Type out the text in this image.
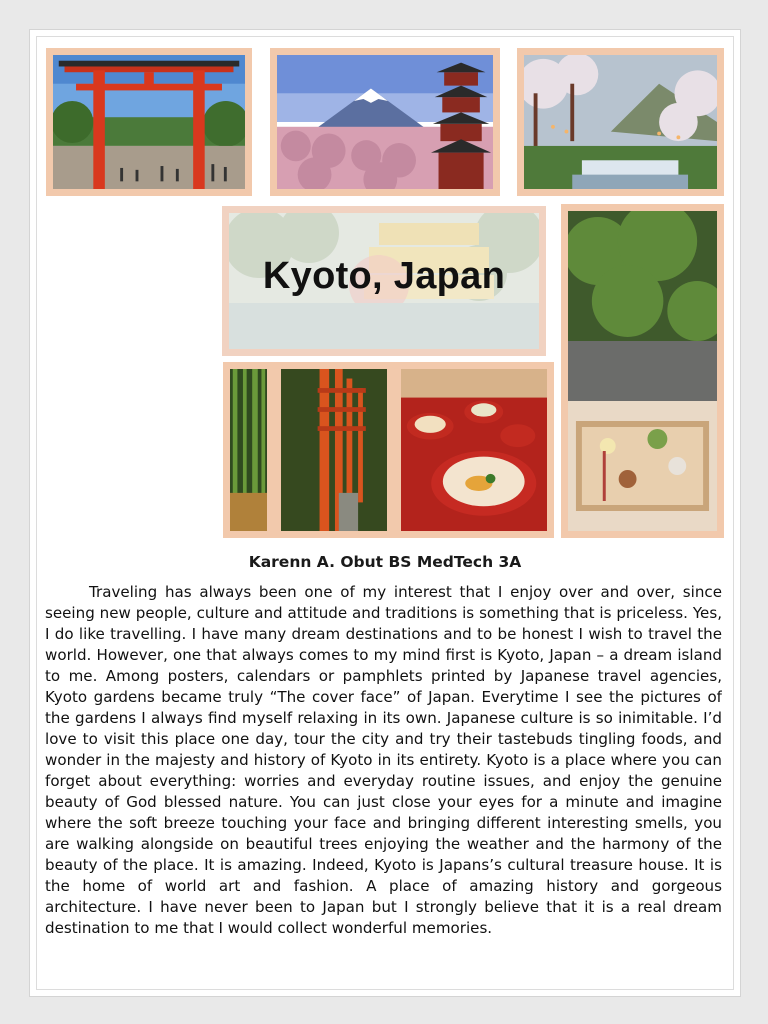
Kyoto, Japan
Karenn A. Obut BS MedTech 3A

Traveling has always been one of my interest that I enjoy over and over, since seeing new people, culture and attitude and traditions is something that is priceless. Yes, I do like travelling. I have many dream destinations and to be honest I wish to travel the world. However, one that always comes to my mind first is Kyoto, Japan – a dream island to me. Among posters, calendars or pamphlets printed by Japanese travel agencies, Kyoto gardens became truly “The cover face” of Japan. Everytime I see the pictures of the gardens I always find myself relaxing in its own. Japanese culture is so inimitable. I’d love to visit this place one day, tour the city and try their tastebuds tingling foods, and wonder in the majesty and history of Kyoto in its entirety. Kyoto is a place where you can forget about everything: worries and everyday routine issues, and enjoy the genuine beauty of God blessed nature. You can just close your eyes for a minute and imagine where the soft breeze touching your face and bringing different interesting smells, you are walking alongside on beautiful trees enjoying the weather and the harmony of the beauty of the place. It is amazing. Indeed, Kyoto is Japans’s cultural treasure house. It is the home of world art and fashion. A place of amazing history and gorgeous architecture. I have never been to Japan but I strongly believe that it is a real dream destination to me that I would collect wonderful memories.
